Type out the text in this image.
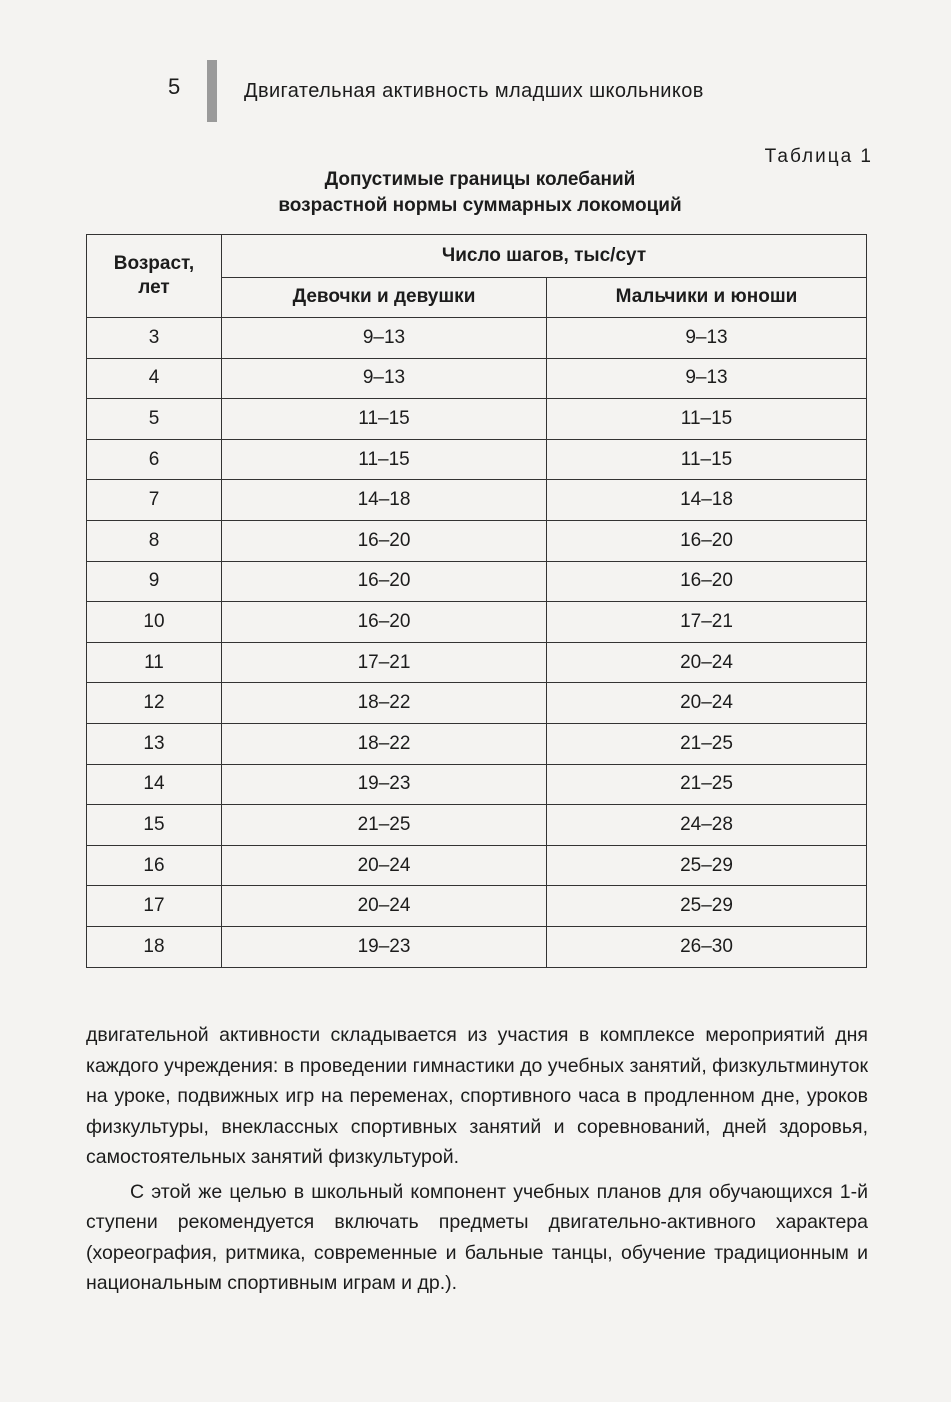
5	Двигательная активность младших школьников
Таблица 1
Допустимые границы колебаний
возрастной нормы суммарных локомоций
Возраст, лет	Число шагов, тыс/сут	
	Девочки и девушки	Мальчики и юноши
3	9–13	9–13
4	9–13	9–13
5	11–15	11–15
6	11–15	11–15
7	14–18	14–18
8	16–20	16–20
9	16–20	16–20
10	16–20	17–21
11	17–21	20–24
12	18–22	20–24
13	18–22	21–25
14	19–23	21–25
15	21–25	24–28
16	20–24	25–29
17	20–24	25–29
18	19–23	26–30

двигательной активности складывается из участия в комплексе мероприятий дня каждого учреждения: в проведении гимнастики до учебных занятий, физкультминуток на уроке, подвижных игр на переменах, спортивного часа в продленном дне, уроков физкультуры, внеклассных спортивных занятий и соревнований, дней здоровья, самостоятельных занятий физкультурой.

С этой же целью в школьный компонент учебных планов для обучающихся 1-й ступени рекомендуется включать предметы двигательно-активного характера (хореография, ритмика, современные и бальные танцы, обучение традиционным и национальным спортивным играм и др.).
